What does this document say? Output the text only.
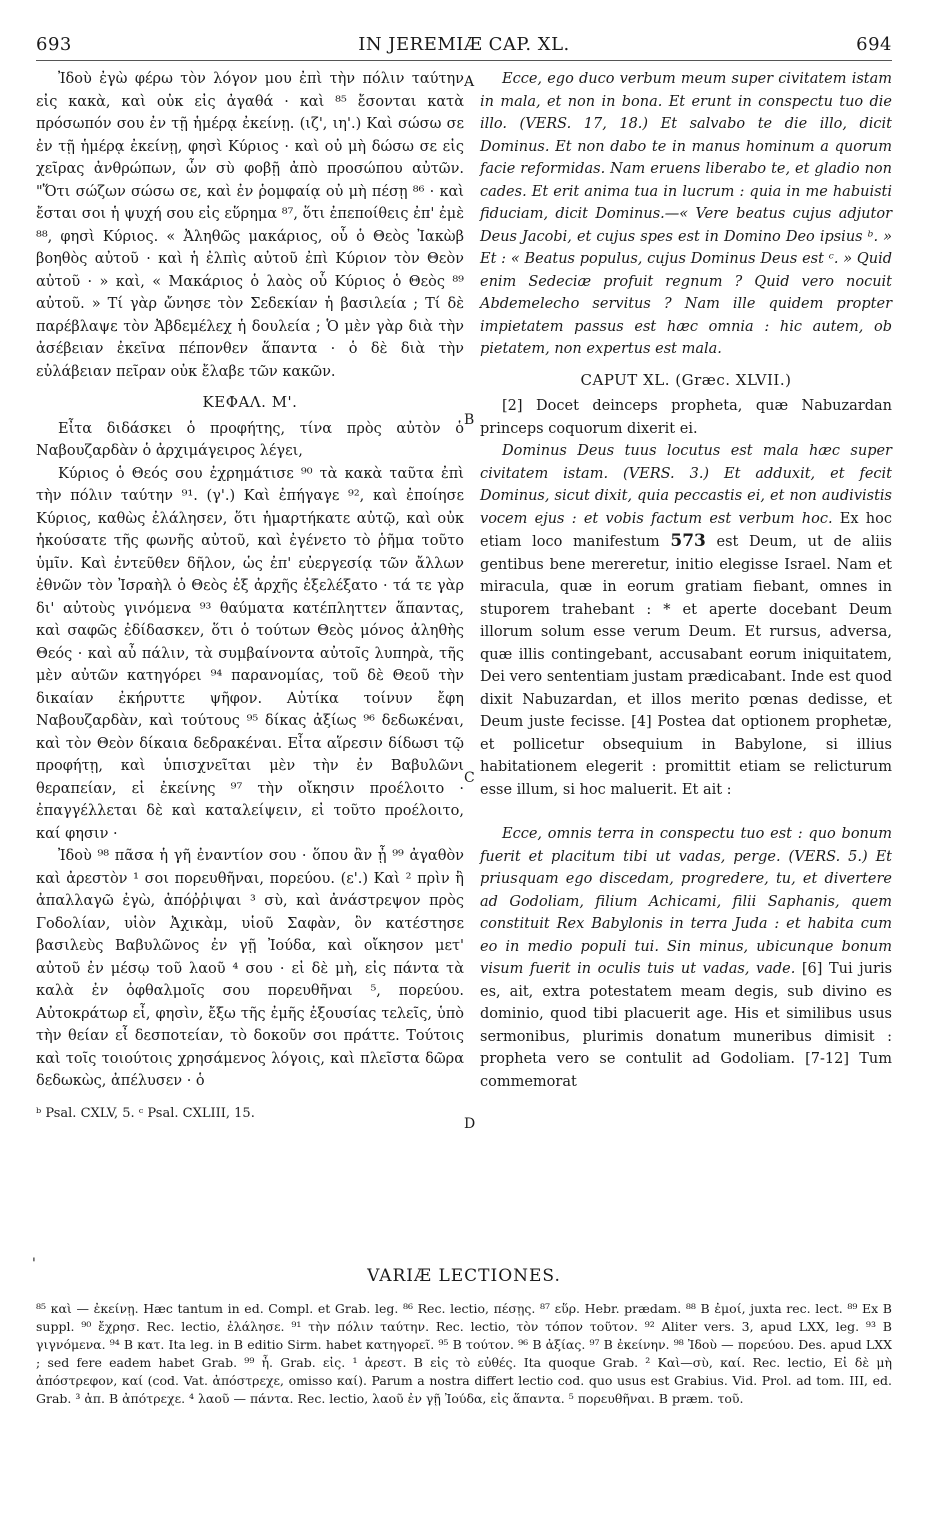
693	IN JEREMIÆ CAP. XL.	694

Ἰδοὺ ἐγὼ φέρω τὸν λόγον μου ἐπὶ τὴν πόλιν ταύτην εἰς κακὰ, καὶ οὐκ εἰς ἀγαθά · καὶ ⁸⁵ ἔσονται κατὰ πρόσωπόν σου ἐν τῇ ἡμέρᾳ ἐκείνῃ. (ιζ', ιη'.) Καὶ σώσω σε ἐν τῇ ἡμέρᾳ ἐκείνῃ, φησὶ Κύριος · καὶ οὐ μὴ δώσω σε εἰς χεῖρας ἀνθρώπων, ὧν σὺ φοβῇ ἀπὸ προσώπου αὐτῶν. "Ὅτι σώζων σώσω σε, καὶ ἐν ῥομφαίᾳ οὐ μὴ πέσῃ ⁸⁶ · καὶ ἔσται σοι ἡ ψυχή σου εἰς εὕρημα ⁸⁷, ὅτι ἐπεποίθεις ἐπ' ἐμὲ ⁸⁸, φησὶ Κύριος. « Ἀληθῶς μακάριος, οὗ ὁ Θεὸς Ἰακὼβ βοηθὸς αὐτοῦ · καὶ ἡ ἐλπὶς αὐτοῦ ἐπὶ Κύριον τὸν Θεὸν αὐτοῦ · » καὶ, « Μακάριος ὁ λαὸς οὗ Κύριος ὁ Θεὸς ⁸⁹ αὐτοῦ. » Τί γὰρ ὤνησε τὸν Σεδεκίαν ἡ βασιλεία ; Τί δὲ παρέβλαψε τὸν Ἀβδεμέλεχ ἡ δουλεία ; Ὁ μὲν γὰρ διὰ τὴν ἀσέβειαν ἐκεῖνα πέπονθεν ἅπαντα · ὁ δὲ διὰ τὴν εὐλάβειαν πεῖραν οὐκ ἔλαβε τῶν κακῶν.

ΚΕΦΑΛ. Μ'.

Εἶτα διδάσκει ὁ προφήτης, τίνα πρὸς αὐτὸν ὁ Ναβουζαρδὰν ὁ ἀρχιμάγειρος λέγει,

Κύριος ὁ Θεός σου ἐχρημάτισε ⁹⁰ τὰ κακὰ ταῦτα ἐπὶ τὴν πόλιν ταύτην ⁹¹. (γ'.) Καὶ ἐπήγαγε ⁹², καὶ ἐποίησε Κύριος, καθὼς ἐλάλησεν, ὅτι ἡμαρτήκατε αὐτῷ, καὶ οὐκ ἠκούσατε τῆς φωνῆς αὐτοῦ, καὶ ἐγένετο τὸ ῥῆμα τοῦτο ὑμῖν. Καὶ ἐντεῦθεν δῆλον, ὡς ἐπ' εὐεργεσίᾳ τῶν ἄλλων ἐθνῶν τὸν Ἰσραὴλ ὁ Θεὸς ἐξ ἀρχῆς ἐξελέξατο · τά τε γὰρ δι' αὐτοὺς γινόμενα ⁹³ θαύματα κατέπληττεν ἅπαντας, καὶ σαφῶς ἐδίδασκεν, ὅτι ὁ τούτων Θεὸς μόνος ἀληθὴς Θεός · καὶ αὖ πάλιν, τὰ συμβαίνοντα αὐτοῖς λυπηρὰ, τῆς μὲν αὐτῶν κατηγόρει ⁹⁴ παρανομίας, τοῦ δὲ Θεοῦ τὴν δικαίαν ἐκήρυττε ψῆφον. Αὐτίκα τοίνυν ἔφη Ναβουζαρδὰν, καὶ τούτους ⁹⁵ δίκας ἀξίως ⁹⁶ δεδωκέναι, καὶ τὸν Θεὸν δίκαια δεδρακέναι. Εἶτα αἵρεσιν δίδωσι τῷ προφήτῃ, καὶ ὑπισχνεῖται μὲν τὴν ἐν Βαβυλῶνι θεραπείαν, εἰ ἐκείνης ⁹⁷ τὴν οἴκησιν προέλοιτο · ἐπαγγέλλεται δὲ καὶ καταλείψειν, εἰ τοῦτο προέλοιτο, καί φησιν ·

Ἰδοὺ ⁹⁸ πᾶσα ἡ γῆ ἐναντίον σου · ὅπου ἂν ᾖ ⁹⁹ ἀγαθὸν καὶ ἀρεστὸν ¹ σοι πορευθῆναι, πορεύου. (ε'.) Καὶ ² πρὶν ἢ ἀπαλλαγῶ ἐγὼ, ἀπόῤῥιψαι ³ σὺ, καὶ ἀνάστρεψον πρὸς Γοδολίαν, υἱὸν Ἀχικὰμ, υἱοῦ Σαφὰν, ὃν κατέστησε βασιλεὺς Βαβυλῶνος ἐν γῇ Ἰούδα, καὶ οἴκησον μετ' αὐτοῦ ἐν μέσῳ τοῦ λαοῦ ⁴ σου · εἰ δὲ μὴ, εἰς πάντα τὰ καλὰ ἐν ὀφθαλμοῖς σου πορευθῆναι ⁵, πορεύου. Αὐτοκράτωρ εἶ, φησὶν, ἔξω τῆς ἐμῆς ἐξουσίας τελεῖς, ὑπὸ τὴν θείαν εἶ δεσποτείαν, τὸ δοκοῦν σοι πράττε. Τούτοις καὶ τοῖς τοιούτοις χρησάμενος λόγοις, καὶ πλεῖστα δῶρα δεδωκὼς, ἀπέλυσεν · ὁ

ᵇ Psal. CXLV, 5. ᶜ Psal. CXLIII, 15.

Ecce, ego duco verbum meum super civitatem istam in mala, et non in bona. Et erunt in conspectu tuo die illo. (VERS. 17, 18.) Et salvabo te die illo, dicit Dominus. Et non dabo te in manus hominum a quorum facie reformidas. Nam eruens liberabo te, et gladio non cades. Et erit anima tua in lucrum : quia in me habuisti fiduciam, dicit Dominus.—« Vere beatus cujus adjutor Deus Jacobi, et cujus spes est in Domino Deo ipsius ᵇ. » Et : « Beatus populus, cujus Dominus Deus est ᶜ. » Quid enim Sedeciæ profuit regnum ? Quid vero nocuit Abdemelecho servitus ? Nam ille quidem propter impietatem passus est hæc omnia : hic autem, ob pietatem, non expertus est mala.

CAPUT XL. (Græc. XLVII.)

[2] Docet deinceps propheta, quæ Nabuzardan princeps coquorum dixerit ei.

Dominus Deus tuus locutus est mala hæc super civitatem istam. (VERS. 3.) Et adduxit, et fecit Dominus, sicut dixit, quia peccastis ei, et non audivistis vocem ejus : et vobis factum est verbum hoc. Ex hoc etiam loco manifestum 573 est Deum, ut de aliis gentibus bene mereretur, initio elegisse Israel. Nam et miracula, quæ in eorum gratiam fiebant, omnes in stuporem trahebant : * et aperte docebant Deum illorum solum esse verum Deum. Et rursus, adversa, quæ illis contingebant, accusabant eorum iniquitatem, Dei vero sententiam justam prædicabant. Inde est quod dixit Nabuzardan, et illos merito pœnas dedisse, et Deum juste fecisse. [4] Postea dat optionem prophetæ, et pollicetur obsequium in Babylone, si illius habitationem elegerit : promittit etiam se relicturum esse illum, si hoc maluerit. Et ait :

Ecce, omnis terra in conspectu tuo est : quo bonum fuerit et placitum tibi ut vadas, perge. (VERS. 5.) Et priusquam ego discedam, progredere, tu, et divertere ad Godoliam, filium Achicami, filii Saphanis, quem constituit Rex Babylonis in terra Juda : et habita cum eo in medio populi tui. Sin minus, ubicunque bonum visum fuerit in oculis tuis ut vadas, vade. [6] Tui juris es, ait, extra potestatem meam degis, sub divino es dominio, quod tibi placuerit age. His et similibus usus sermonibus, plurimis donatum muneribus dimisit : propheta vero se contulit ad Godoliam. [7-12] Tum commemorat

A
B
C
D
'
VARIÆ LECTIONES.
⁸⁵ καὶ — ἐκείνῃ. Hæc tantum in ed. Compl. et Grab. leg. ⁸⁶ Rec. lectio, πέσῃς. ⁸⁷ εὕρ. Hebr. prædam. ⁸⁸ B ἐμοί, juxta rec. lect. ⁸⁹ Ex B suppl. ⁹⁰ ἔχρησ. Rec. lectio, ἐλάλησε. ⁹¹ τὴν πόλιν ταύτην. Rec. lectio, τὸν τόπον τοῦτον. ⁹² Aliter vers. 3, apud LXX, leg. ⁹³ B γιγνόμενα. ⁹⁴ B κατ. Ita leg. in B editio Sirm. habet κατηγορεῖ. ⁹⁵ B τούτον. ⁹⁶ B ἀξίας. ⁹⁷ B ἐκείνην. ⁹⁸ Ἰδοὺ — πορεύου. Des. apud LXX ; sed fere eadem habet Grab. ⁹⁹ ἦ. Grab. εἰς. ¹ ἀρεστ. B εἰς τὸ εὐθές. Ita quoque Grab. ² Καὶ—σὺ, καί. Rec. lectio, Εἰ δὲ μὴ ἀπόστρεφον, καί (cod. Vat. ἀπόστρεχε, omisso καί). Parum a nostra differt lectio cod. quo usus est Grabius. Vid. Prol. ad tom. III, ed. Grab. ³ ἀπ. B ἀπότρεχε. ⁴ λαοῦ — πάντα. Rec. lectio, λαοῦ ἐν γῇ Ἰούδα, εἰς ἅπαντα. ⁵ πορευθῆναι. B præm. τοῦ.
